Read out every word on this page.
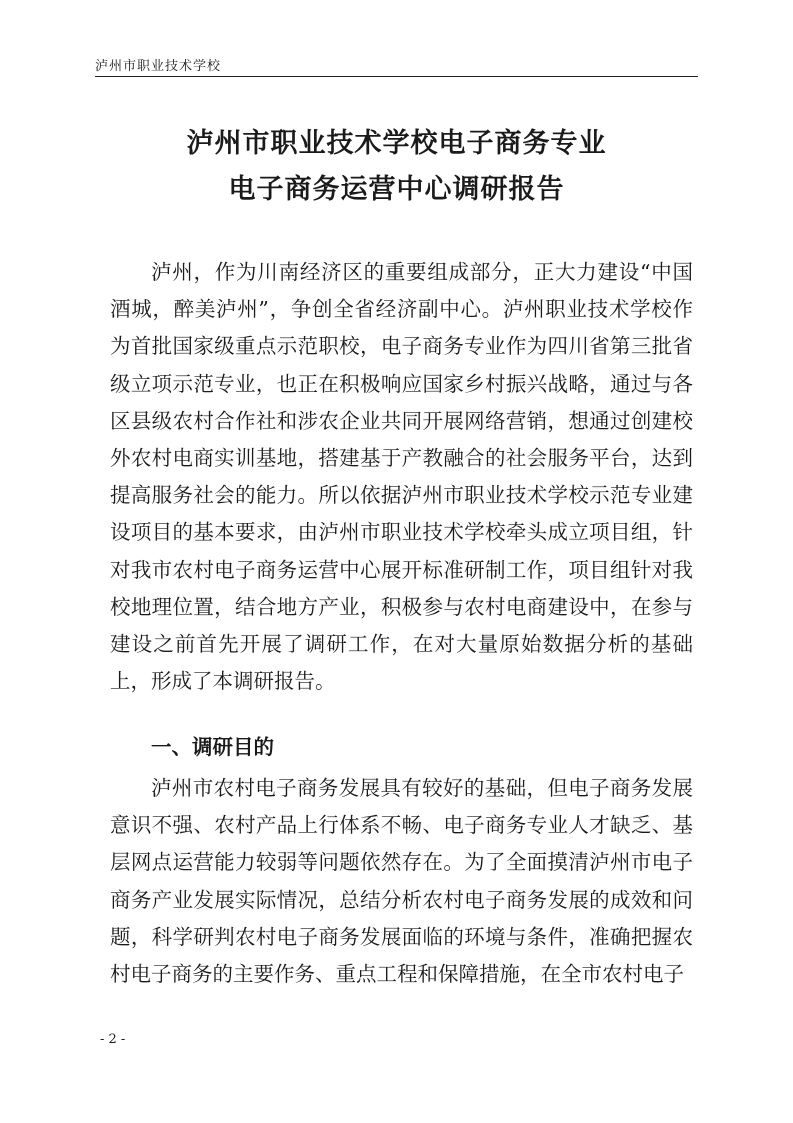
泸州市职业技术学校
泸州市职业技术学校电子商务专业
电子商务运营中心调研报告

泸州，作为川南经济区的重要组成部分，正大力建设“中国酒城，醉美泸州”，争创全省经济副中心。泸州职业技术学校作为首批国家级重点示范职校，电子商务专业作为四川省第三批省级立项示范专业，也正在积极响应国家乡村振兴战略，通过与各区县级农村合作社和涉农企业共同开展网络营销，想通过创建校外农村电商实训基地，搭建基于产教融合的社会服务平台，达到提高服务社会的能力。所以依据泸州市职业技术学校示范专业建设项目的基本要求，由泸州市职业技术学校牵头成立项目组，针对我市农村电子商务运营中心展开标准研制工作，项目组针对我校地理位置，结合地方产业，积极参与农村电商建设中，在参与建设之前首先开展了调研工作，在对大量原始数据分析的基础上，形成了本调研报告。

一、调研目的

泸州市农村电子商务发展具有较好的基础，但电子商务发展意识不强、农村产品上行体系不畅、电子商务专业人才缺乏、基层网点运营能力较弱等问题依然存在。为了全面摸清泸州市电子商务产业发展实际情况，总结分析农村电子商务发展的成效和问题，科学研判农村电子商务发展面临的环境与条件，准确把握农村电子商务的主要作务、重点工程和保障措施，在全市农村电子

- 2 -
